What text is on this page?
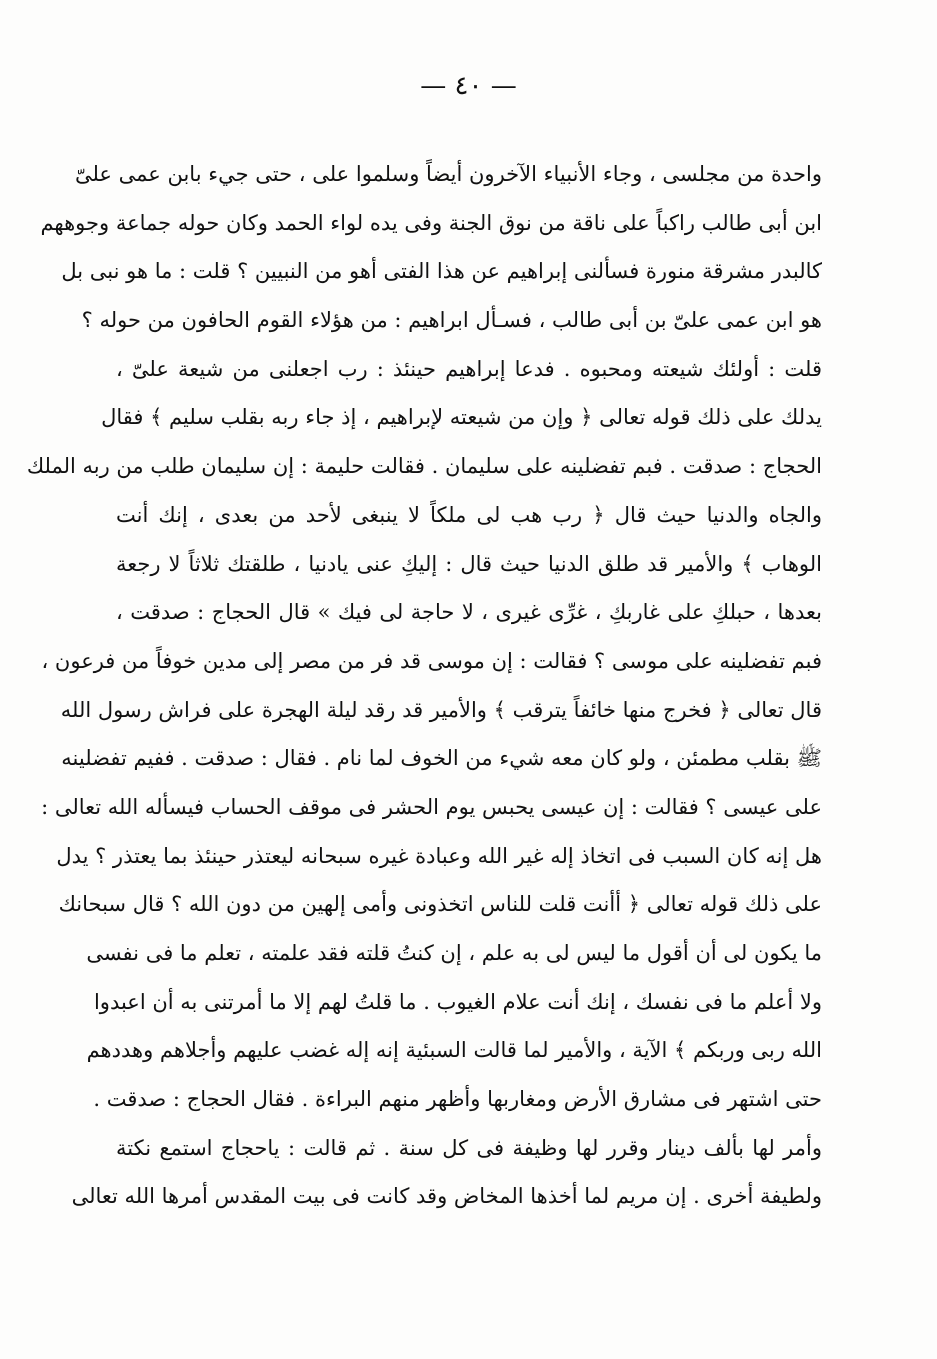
— ٤٠ —
واحدة من مجلسى ، وجاء الأنبياء الآخرون أيضاً وسلموا على ، حتى جيء بابن عمى علىّ
ابن أبى طالب راكباً على ناقة من نوق الجنة وفى يده لواء الحمد وكان حوله جماعة وجوههم
كالبدر مشرقة منورة فسألنى إبراهيم عن هذا الفتى أهو من النبيين ؟ قلت : ما هو نبى بل
هو ابن عمى علىّ بن أبى طالب ، فسـأل ابراهيم : من هؤلاء القوم الحافون من حوله ؟
قلت : أولئك شيعته ومحبوه . فدعا إبراهيم حينئذ : رب اجعلنى من شيعة علىّ ،
يدلك على ذلك قوله تعالى ﴿ وإن من شيعته لإبراهيم ، إذ جاء ربه بقلب سليم ﴾ فقال
الحجاج : صدقت . فبم تفضلينه على سليمان . فقالت حليمة : إن سليمان طلب من ربه الملك
والجاه والدنيا حيث قال ﴿ رب هب لى ملكاً لا ينبغى لأحد من بعدى ، إنك أنت
الوهاب ﴾ والأمير قد طلق الدنيا حيث قال : إليكِ عنى يادنيا ، طلقتك ثلاثاً لا رجعة
بعدها ، حبلكِ على غاربكِ ، غرِّى غيرى ، لا حاجة لى فيك » قال الحجاج : صدقت ،
فبم تفضلينه على موسى ؟ فقالت : إن موسى قد فر من مصر إلى مدين خوفاً من فرعون ،
قال تعالى ﴿ فخرج منها خائفاً يترقب ﴾ والأمير قد رقد ليلة الهجرة على فراش رسول الله
ﷺ بقلب مطمئن ، ولو كان معه شيء من الخوف لما نام . فقال : صدقت . ففيم تفضلينه
على عيسى ؟ فقالت : إن عيسى يحبس يوم الحشر فى موقف الحساب فيسأله الله تعالى :
هل إنه كان السبب فى اتخاذ إله غير الله وعبادة غيره سبحانه ليعتذر حينئذ بما يعتذر ؟ يدل
على ذلك قوله تعالى ﴿ أأنت قلت للناس اتخذونى وأمى إلهين من دون الله ؟ قال سبحانك
ما يكون لى أن أقول ما ليس لى به علم ، إن كنتُ قلته فقد علمته ، تعلم ما فى نفسى
ولا أعلم ما فى نفسك ، إنك أنت علام الغيوب . ما قلتُ لهم إلا ما أمرتنى به أن اعبدوا
الله ربى وربكم ﴾ الآية ، والأمير لما قالت السبئية إنه إله غضب عليهم وأجلاهم وهددهم
حتى اشتهر فى مشارق الأرض ومغاربها وأظهر منهم البراءة . فقال الحجاج : صدقت .
وأمر لها بألف دينار وقرر لها وظيفة فى كل سنة . ثم قالت : ياحجاج استمع نكتة
ولطيفة أخرى . إن مريم لما أخذها المخاض وقد كانت فى بيت المقدس أمرها الله تعالى
